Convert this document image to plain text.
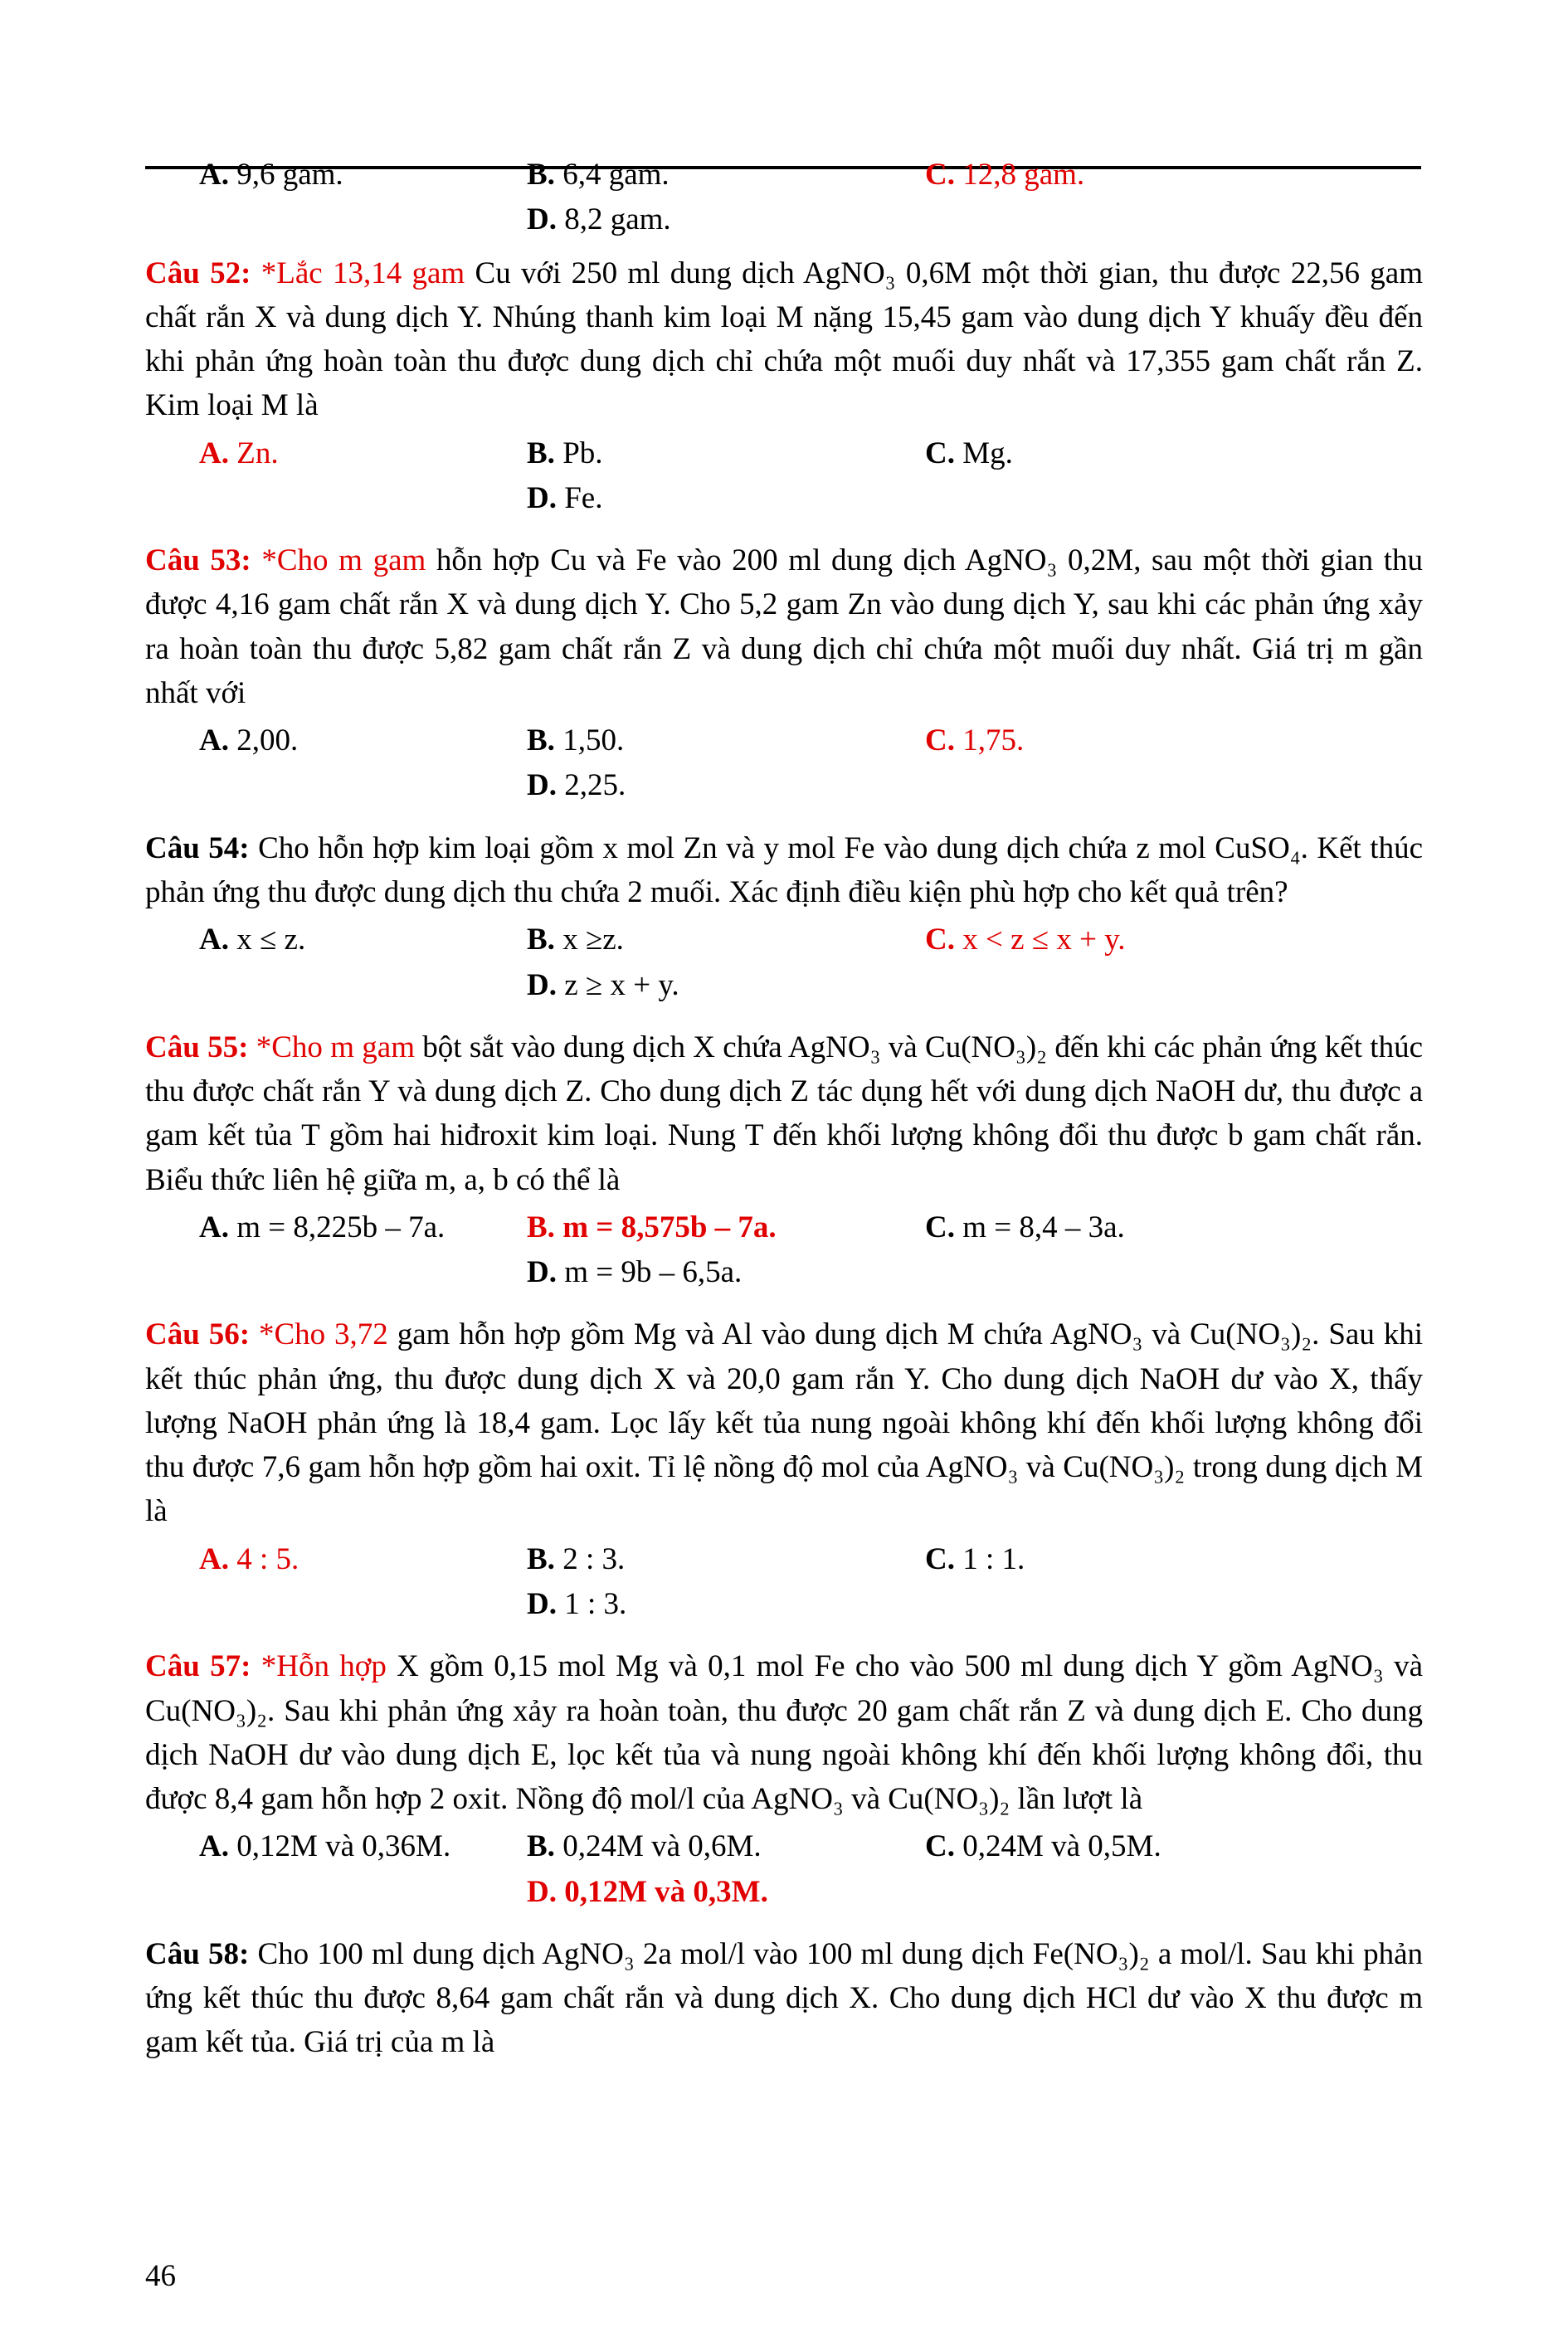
A. 9,6 gam.	B. 6,4 gam.	C. 12,8 gam.
D. 8,2 gam.

Câu 52: *Lắc 13,14 gam Cu với 250 ml dung dịch AgNO₃ 0,6M một thời gian, thu được 22,56 gam chất rắn X và dung dịch Y. Nhúng thanh kim loại M nặng 15,45 gam vào dung dịch Y khuấy đều đến khi phản ứng hoàn toàn thu được dung dịch chỉ chứa một muối duy nhất và 17,355 gam chất rắn Z. Kim loại M là

A. Zn.	B. Pb.	C. Mg.
D. Fe.

Câu 53: *Cho m gam hỗn hợp Cu và Fe vào 200 ml dung dịch AgNO₃ 0,2M, sau một thời gian thu được 4,16 gam chất rắn X và dung dịch Y. Cho 5,2 gam Zn vào dung dịch Y, sau khi các phản ứng xảy ra hoàn toàn thu được 5,82 gam chất rắn Z và dung dịch chỉ chứa một muối duy nhất. Giá trị m gần nhất với

A. 2,00.	B. 1,50.	C. 1,75.
D. 2,25.

Câu 54: Cho hỗn hợp kim loại gồm x mol Zn và y mol Fe vào dung dịch chứa z mol CuSO₄. Kết thúc phản ứng thu được dung dịch thu chứa 2 muối. Xác định điều kiện phù hợp cho kết quả trên?

A. x ≤ z.	B. x ≥z.	C. x < z ≤ x + y.
D. z ≥ x + y.

Câu 55: *Cho m gam bột sắt vào dung dịch X chứa AgNO₃ và Cu(NO₃)₂ đến khi các phản ứng kết thúc thu được chất rắn Y và dung dịch Z. Cho dung dịch Z tác dụng hết với dung dịch NaOH dư, thu được a gam kết tủa T gồm hai hiđroxit kim loại. Nung T đến khối lượng không đổi thu được b gam chất rắn. Biểu thức liên hệ giữa m, a, b có thể là

A. m = 8,225b – 7a.	B. m = 8,575b – 7a.	C. m = 8,4 – 3a.
D. m = 9b – 6,5a.

Câu 56: *Cho 3,72 gam hỗn hợp gồm Mg và Al vào dung dịch M chứa AgNO₃ và Cu(NO₃)₂. Sau khi kết thúc phản ứng, thu được dung dịch X và 20,0 gam rắn Y. Cho dung dịch NaOH dư vào X, thấy lượng NaOH phản ứng là 18,4 gam. Lọc lấy kết tủa nung ngoài không khí đến khối lượng không đổi thu được 7,6 gam hỗn hợp gồm hai oxit. Tỉ lệ nồng độ mol của AgNO₃ và Cu(NO₃)₂ trong dung dịch M là

A. 4 : 5.	B. 2 : 3.	C. 1 : 1.
D. 1 : 3.

Câu 57: *Hỗn hợp X gồm 0,15 mol Mg và 0,1 mol Fe cho vào 500 ml dung dịch Y gồm AgNO₃ và Cu(NO₃)₂. Sau khi phản ứng xảy ra hoàn toàn, thu được 20 gam chất rắn Z và dung dịch E. Cho dung dịch NaOH dư vào dung dịch E, lọc kết tủa và nung ngoài không khí đến khối lượng không đổi, thu được 8,4 gam hỗn hợp 2 oxit. Nồng độ mol/l của AgNO₃ và Cu(NO₃)₂ lần lượt là

A. 0,12M và 0,36M.	B. 0,24M và 0,6M.	C. 0,24M và 0,5M.
D. 0,12M và 0,3M.

Câu 58: Cho 100 ml dung dịch AgNO₃ 2a mol/l vào 100 ml dung dịch Fe(NO₃)₂ a mol/l. Sau khi phản ứng kết thúc thu được 8,64 gam chất rắn và dung dịch X. Cho dung dịch HCl dư vào X thu được m gam kết tủa. Giá trị của m là

46
